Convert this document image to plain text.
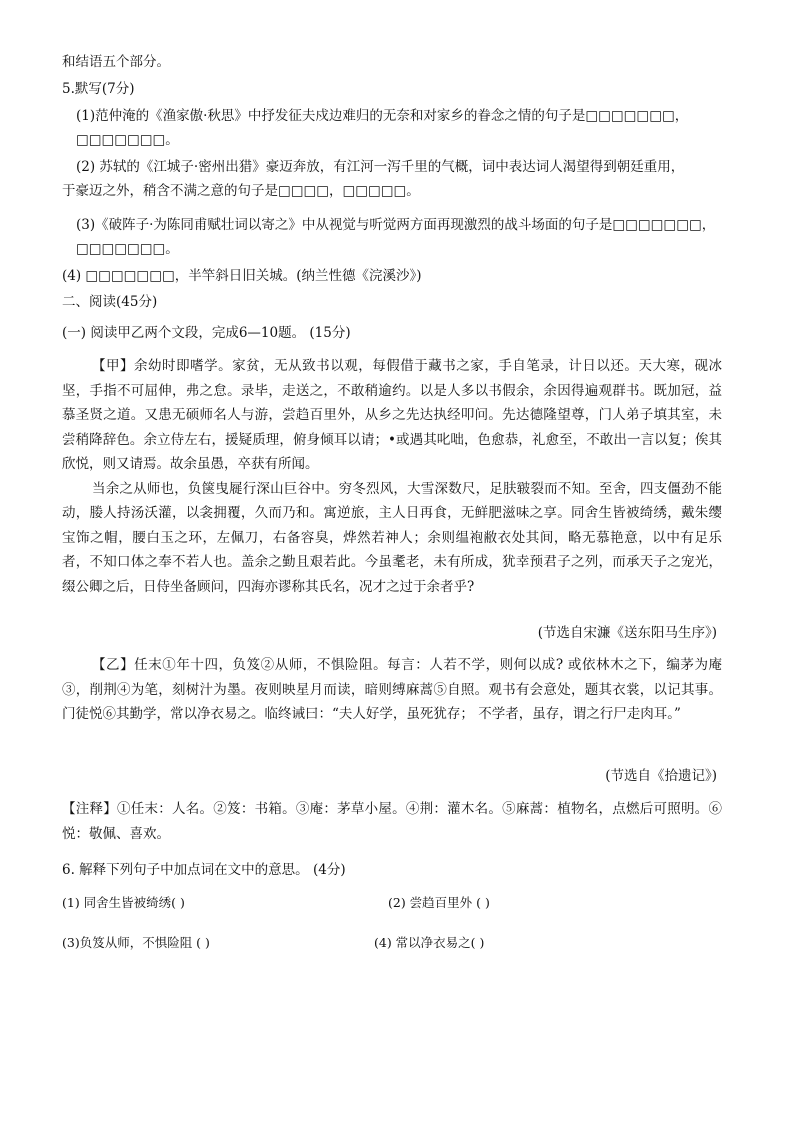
和结语五个部分。
5.默写(7分)
(1)范仲淹的《渔家傲·秋思》中抒发征夫戍边难归的无奈和对家乡的眷念之情的句子是□□□□□□□，
□□□□□□□。
(2) 苏轼的《江城子·密州出猎》豪迈奔放，有江河一泻千里的气概，词中表达词人渴望得到朝廷重用，
于豪迈之外，稍含不满之意的句子是□□□□，□□□□□。
(3)《破阵子·为陈同甫赋壮词以寄之》中从视觉与听觉两方面再现激烈的战斗场面的句子是□□□□□□□，
□□□□□□□。
(4) □□□□□□□，半竿斜日旧关城。(纳兰性德《浣溪沙》)
二、阅读(45分)
(一) 阅读甲乙两个文段，完成6—10题。 (15分)

【甲】余幼时即嗜学。家贫，无从致书以观，每假借于藏书之家，手自笔录，计日以还。天大寒，砚冰坚，手指不可屈伸，弗之怠。录毕，走送之，不敢稍逾约。以是人多以书假余，余因得遍观群书。既加冠，益慕圣贤之道。又患无硕师名人与游，尝趋百里外，从乡之先达执经叩问。先达德隆望尊，门人弟子填其室，未尝稍降辞色。余立侍左右，援疑质理，俯身倾耳以请；•或遇其叱咄，色愈恭，礼愈至，不敢出一言以复；俟其欣悦，则又请焉。故余虽愚，卒获有所闻。

当余之从师也，负箧曳屣行深山巨谷中。穷冬烈风，大雪深数尺，足肤皲裂而不知。至舍，四支僵劲不能动，媵人持汤沃灌，以衾拥覆，久而乃和。寓逆旅，主人日再食，无鲜肥滋味之享。同舍生皆被绮绣，戴朱缨宝饰之帽，腰白玉之环，左佩刀，右备容臭，烨然若神人；余则缊袍敝衣处其间，略无慕艳意，以中有足乐者，不知口体之奉不若人也。盖余之勤且艰若此。今虽耄老，未有所成，犹幸预君子之列，而承天子之宠光，缀公卿之后，日侍坐备顾问，四海亦谬称其氏名，况才之过于余者乎?

(节选自宋濂《送东阳马生序》)

【乙】任末①年十四，负笈②从师，不惧险阻。每言：人若不学，则何以成? 或依林木之下，编茅为庵③，削荆④为笔，刻树汁为墨。夜则映星月而读，暗则缚麻蒿⑤自照。观书有会意处，题其衣裳，以记其事。门徒悦⑥其勤学，常以净衣易之。临终诫曰：“夫人好学，虽死犹存； 不学者，虽存，谓之行尸走肉耳。”

(节选自《拾遗记》)
【注释】①任末：人名。②笈：书箱。③庵：茅草小屋。④荆：灌木名。⑤麻蒿：植物名，点燃后可照明。⑥悦：敬佩、喜欢。
6. 解释下列句子中加点词在文中的意思。 (4分)
(1) 同舍生皆被绮绣( )	(2) 尝趋百里外 ( )
(3)负笈从师，不惧险阻 ( )	(4) 常以净衣易之( )
